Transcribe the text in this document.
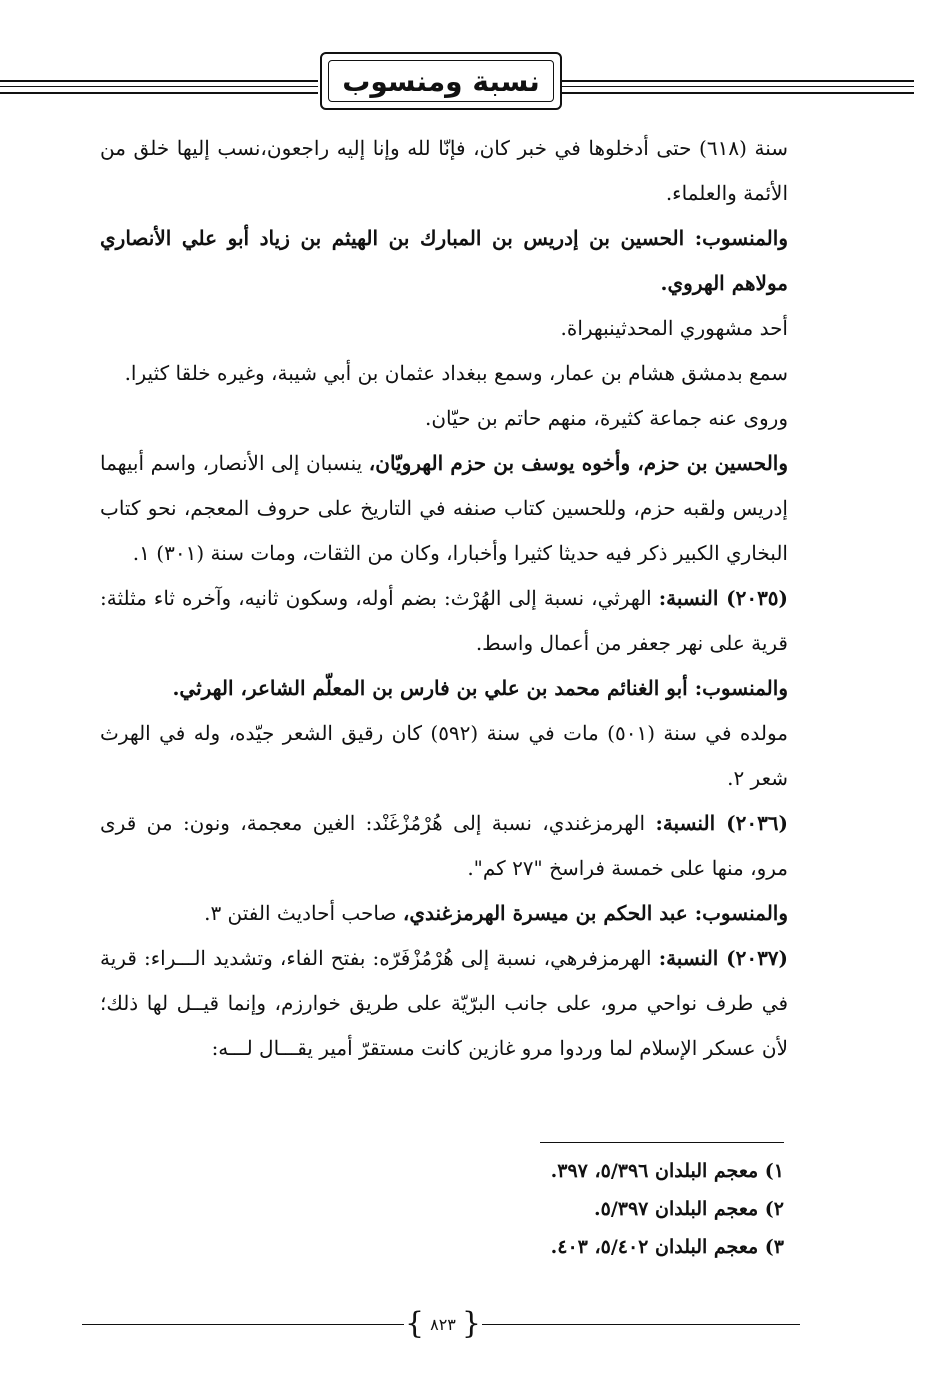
نسبة ومنسوب

سنة (٦١٨) حتى أدخلوها في خبر كان، فإنّا لله وإنا إليه راجعون،نسب إليها خلق من الأئمة والعلماء.

والمنسوب: الحسين بن إدريس بن المبارك بن الهيثم بن زياد أبو علي الأنصاري مولاهم الهروي.

أحد مشهوري المحدثينبهراة.

سمع بدمشق هشام بن عمار، وسمع ببغداد عثمان بن أبي شيبة، وغيره خلقا كثيرا.

وروى عنه جماعة كثيرة، منهم حاتم بن حيّان.

والحسين بن حزم، وأخوه يوسف بن حزم الهرويّان، ينسبان إلى الأنصار، واسم أبيهما إدريس ولقبه حزم، وللحسين كتاب صنفه في التاريخ على حروف المعجم، نحو كتاب البخاري الكبير ذكر فيه حديثا كثيرا وأخبارا، وكان من الثقات، ومات سنة (٣٠١) ١.

(٢٠٣٥) النسبة: الهرثي، نسبة إلى الهُرْث: بضم أوله، وسكون ثانيه، وآخره ثاء مثلثة: قرية على نهر جعفر من أعمال واسط.

والمنسوب: أبو الغنائم محمد بن علي بن فارس بن المعلّم الشاعر، الهرثي.

مولده في سنة (٥٠١) مات في سنة (٥٩٢) كان رقيق الشعر جيّده، وله في الهرث شعر ٢.

(٢٠٣٦) النسبة: الهرمزغندي، نسبة إلى هُرْمُزْغَنْد: الغين معجمة، ونون: من قرى مرو، منها على خمسة فراسخ "٢٧ كم".

والمنسوب: عبد الحكم بن ميسرة الهرمزغندي، صاحب أحاديث الفتن ٣.

(٢٠٣٧) النسبة: الهرمزفرهي، نسبة إلى هُرْمُزْفَرّه: بفتح الفاء، وتشديد الـــراء: قرية في طرف نواحي مرو، على جانب البرّيّة على طريق خوارزم، وإنما قيــل لها ذلك؛ لأن عسكر الإسلام لما وردوا مرو غازين كانت مستقرّ أمير يقـــال لـــه:

١) معجم البلدان ٥/٣٩٦، ٣٩٧.

٢) معجم البلدان ٥/٣٩٧.

٣) معجم البلدان ٥/٤٠٢، ٤٠٣.

{
٨٢٣
}
